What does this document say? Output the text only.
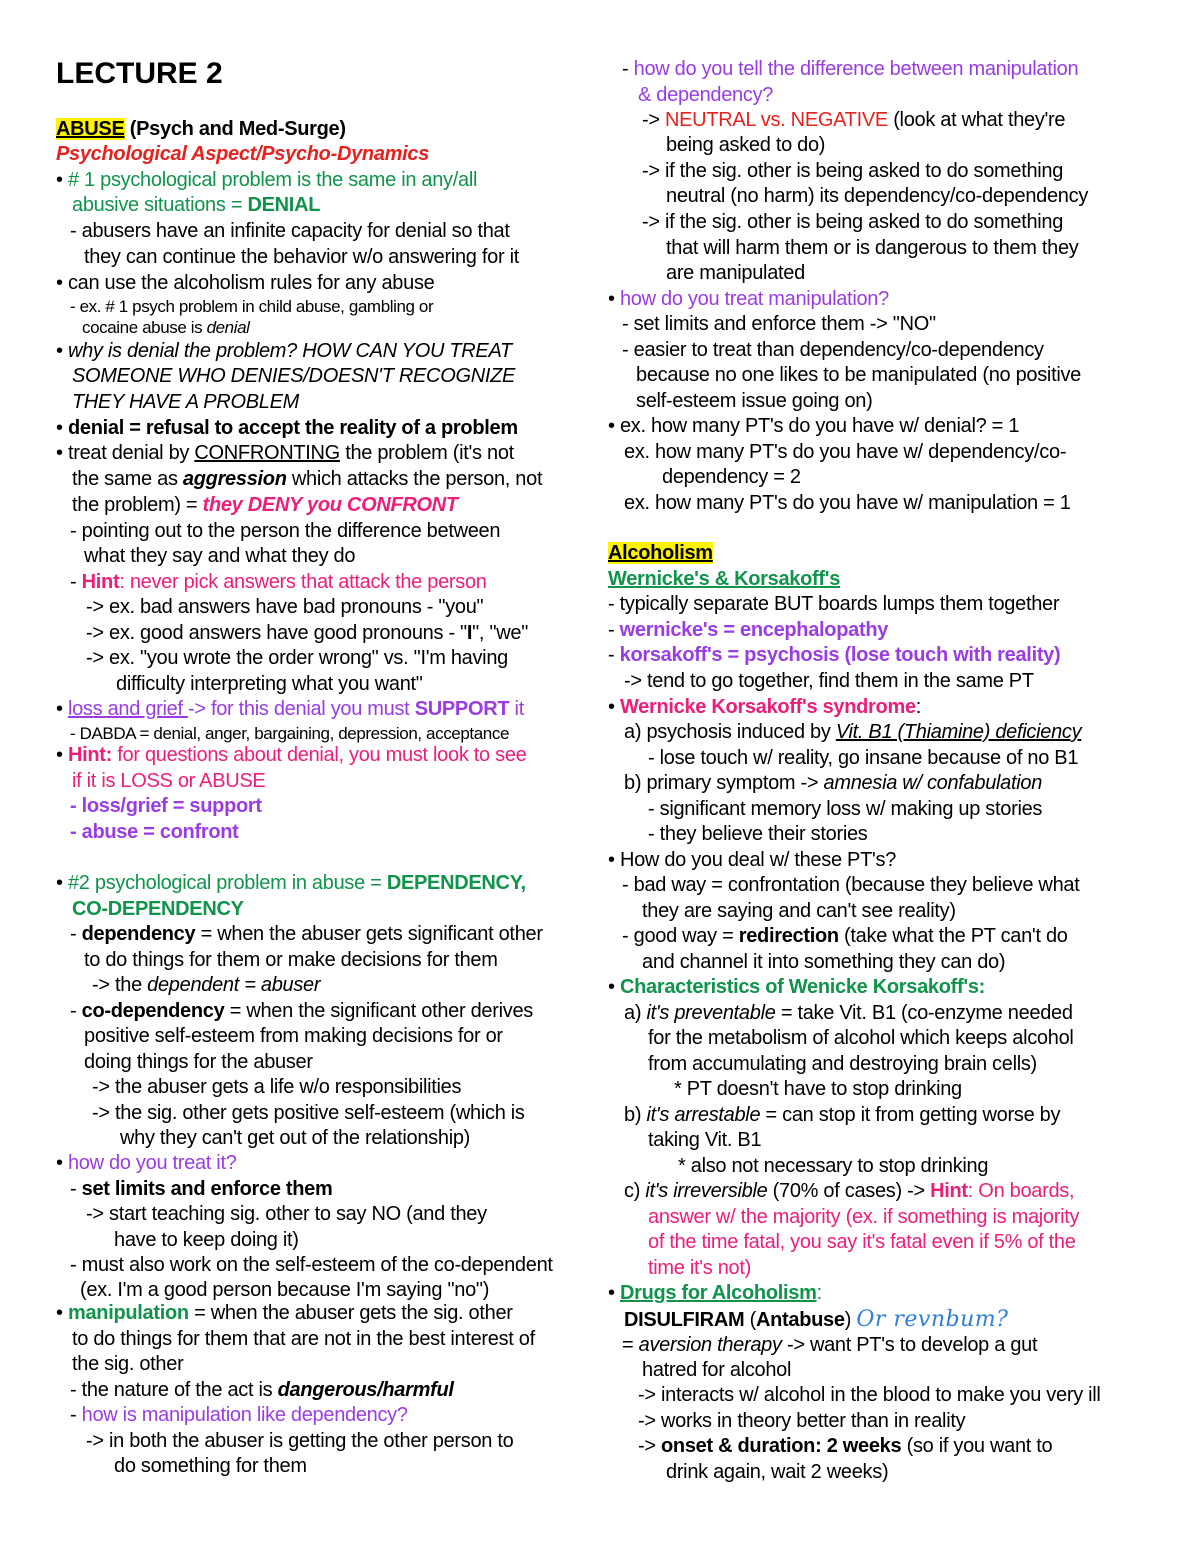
LECTURE 2
ABUSE (Psych and Med-Surge)
Psychological Aspect/Psycho-Dynamics
• # 1 psychological problem is the same in any/all
abusive situations = DENIAL
- abusers have an infinite capacity for denial so that
they can continue the behavior w/o answering for it
• can use the alcoholism rules for any abuse
- ex. # 1 psych problem in child abuse, gambling or
cocaine abuse is denial
• why is denial the problem? HOW CAN YOU TREAT
SOMEONE WHO DENIES/DOESN'T RECOGNIZE
THEY HAVE A PROBLEM
• denial = refusal to accept the reality of a problem
• treat denial by CONFRONTING the problem (it's not
the same as aggression which attacks the person, not
the problem) = they DENY you CONFRONT
- pointing out to the person the difference between
what they say and what they do
- Hint: never pick answers that attack the person
-> ex. bad answers have bad pronouns - "you"
-> ex. good answers have good pronouns - "I", "we"
-> ex. "you wrote the order wrong" vs. "I'm having
difficulty interpreting what you want"
• loss and grief -> for this denial you must SUPPORT it
- DABDA = denial, anger, bargaining, depression, acceptance
• Hint: for questions about denial, you must look to see
if it is LOSS or ABUSE
- loss/grief = support
- abuse = confront
• #2 psychological problem in abuse = DEPENDENCY,
CO-DEPENDENCY
- dependency = when the abuser gets significant other
to do things for them or make decisions for them
-> the dependent = abuser
- co-dependency = when the significant other derives
positive self-esteem from making decisions for or
doing things for the abuser
-> the abuser gets a life w/o responsibilities
-> the sig. other gets positive self-esteem (which is
why they can't get out of the relationship)
• how do you treat it?
- set limits and enforce them
-> start teaching sig. other to say NO (and they
have to keep doing it)
- must also work on the self-esteem of the co-dependent
(ex. I'm a good person because I'm saying "no")
• manipulation = when the abuser gets the sig. other
to do things for them that are not in the best interest of
the sig. other
- the nature of the act is dangerous/harmful
- how is manipulation like dependency?
-> in both the abuser is getting the other person to
do something for them
- how do you tell the difference between manipulation
& dependency?
-> NEUTRAL vs. NEGATIVE (look at what they're
being asked to do)
-> if the sig. other is being asked to do something
neutral (no harm) its dependency/co-dependency
-> if the sig. other is being asked to do something
that will harm them or is dangerous to them they
are manipulated
• how do you treat manipulation?
- set limits and enforce them -> "NO"
- easier to treat than dependency/co-dependency
because no one likes to be manipulated (no positive
self-esteem issue going on)
• ex. how many PT's do you have w/ denial? = 1
ex. how many PT's do you have w/ dependency/co-
dependency = 2
ex. how many PT's do you have w/ manipulation = 1
Alcoholism
Wernicke's & Korsakoff's
- typically separate BUT boards lumps them together
- wernicke's = encephalopathy
- korsakoff's = psychosis (lose touch with reality)
-> tend to go together, find them in the same PT
• Wernicke Korsakoff's syndrome:
a) psychosis induced by Vit. B1 (Thiamine) deficiency
- lose touch w/ reality, go insane because of no B1
b) primary symptom -> amnesia w/ confabulation
- significant memory loss w/ making up stories
- they believe their stories
• How do you deal w/ these PT's?
- bad way = confrontation (because they believe what
they are saying and can't see reality)
- good way = redirection (take what the PT can't do
and channel it into something they can do)
• Characteristics of Wenicke Korsakoff's:
a) it's preventable = take Vit. B1 (co-enzyme needed
for the metabolism of alcohol which keeps alcohol
from accumulating and destroying brain cells)
* PT doesn't have to stop drinking
b) it's arrestable = can stop it from getting worse by
taking Vit. B1
* also not necessary to stop drinking
c) it's irreversible (70% of cases) -> Hint: On boards,
answer w/ the majority (ex. if something is majority
of the time fatal, you say it's fatal even if 5% of the
time it's not)
• Drugs for Alcoholism:
DISULFIRAM (Antabuse) Or revnbum?
= aversion therapy -> want PT's to develop a gut
hatred for alcohol
-> interacts w/ alcohol in the blood to make you very ill
-> works in theory better than in reality
-> onset & duration: 2 weeks (so if you want to
drink again, wait 2 weeks)
